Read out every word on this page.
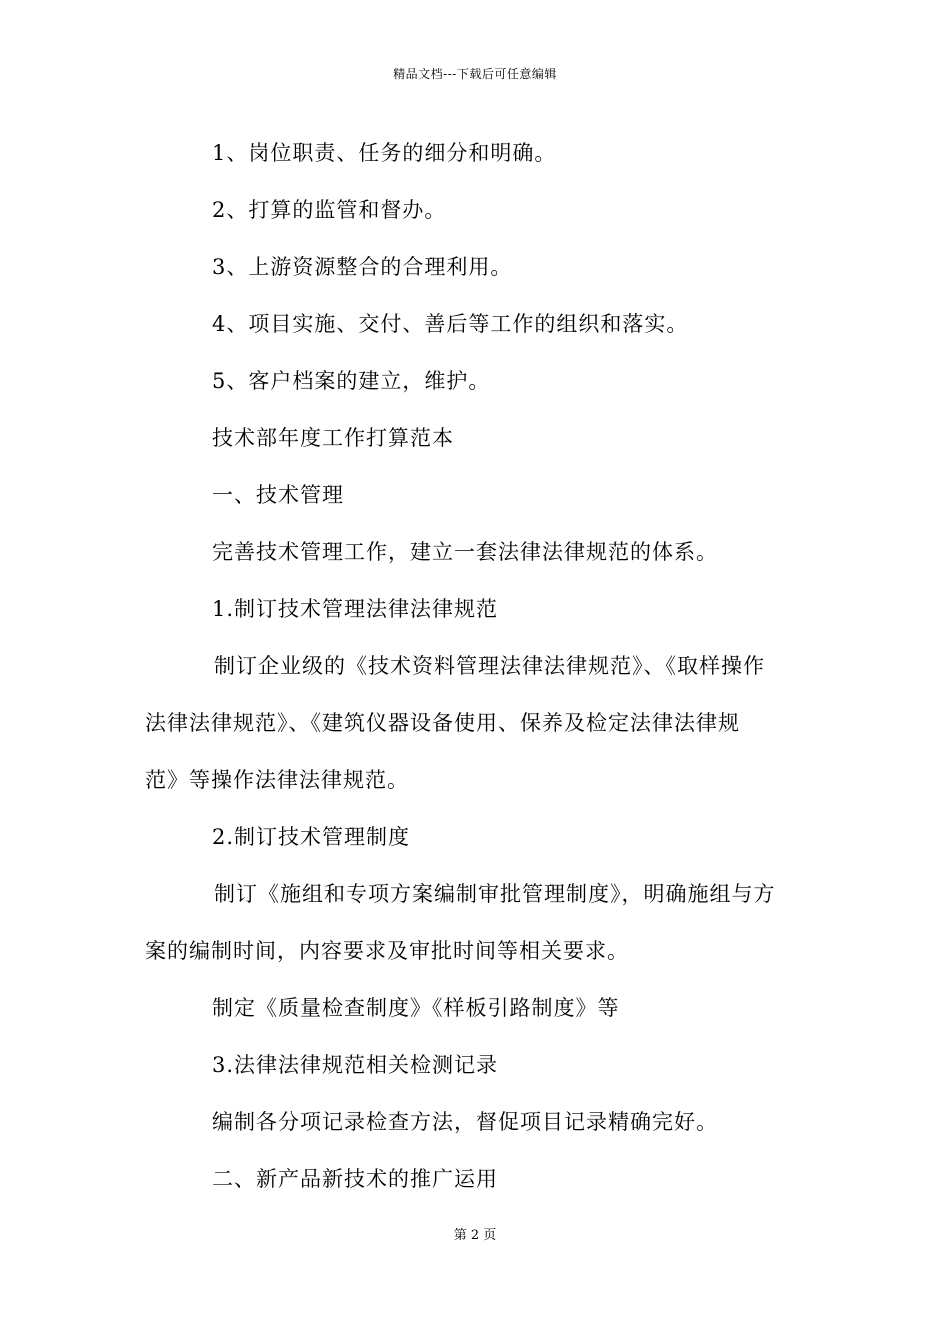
精品文档---下载后可任意编辑
1、岗位职责、任务的细分和明确。
2、打算的监管和督办。
3、上游资源整合的合理利用。
4、项目实施、交付、善后等工作的组织和落实。
5、客户档案的建立，维护。
技术部年度工作打算范本
一、技术管理
完善技术管理工作，建立一套法律法律规范的体系。
1.制订技术管理法律法律规范
制订企业级的《技术资料管理法律法律规范》、《取样操作
法律法律规范》、《建筑仪器设备使用、保养及检定法律法律规
范》等操作法律法律规范。
2.制订技术管理制度
制订《施组和专项方案编制审批管理制度》，明确施组与方
案的编制时间，内容要求及审批时间等相关要求。
制定《质量检查制度》《样板引路制度》等
3.法律法律规范相关检测记录
编制各分项记录检查方法，督促项目记录精确完好。
二、新产品新技术的推广运用
第 2 页
